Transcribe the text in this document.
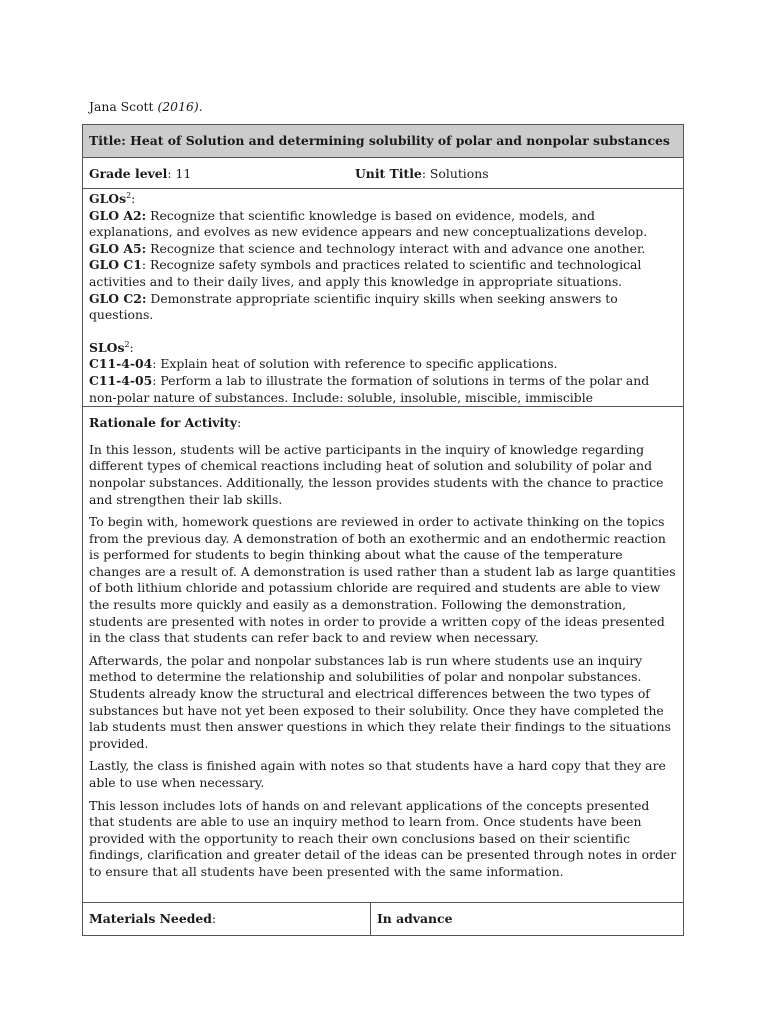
Jana Scott (2016).
Title: Heat of Solution and determining solubility of polar and nonpolar substances
Grade level: 11	Unit Title: Solutions

GLOs$^2$:

GLO A2: Recognize that scientific knowledge is based on evidence, models, and explanations, and evolves as new evidence appears and new conceptualizations develop.

GLO A5: Recognize that science and technology interact with and advance one another.

GLO C1: Recognize safety symbols and practices related to scientific and technological activities and to their daily lives, and apply this knowledge in appropriate situations.

GLO C2: Demonstrate appropriate scientific inquiry skills when seeking answers to questions.

SLOs$^2$:

C11-4-04: Explain heat of solution with reference to specific applications.

C11-4-05: Perform a lab to illustrate the formation of solutions in terms of the polar and non-polar nature of substances. Include: soluble, insoluble, miscible, immiscible

Rationale for Activity:

In this lesson, students will be active participants in the inquiry of knowledge regarding different types of chemical reactions including heat of solution and solubility of polar and nonpolar substances. Additionally, the lesson provides students with the chance to practice and strengthen their lab skills.

To begin with, homework questions are reviewed in order to activate thinking on the topics from the previous day. A demonstration of both an exothermic and an endothermic reaction is performed for students to begin thinking about what the cause of the temperature changes are a result of. A demonstration is used rather than a student lab as large quantities of both lithium chloride and potassium chloride are required and students are able to view the results more quickly and easily as a demonstration. Following the demonstration, students are presented with notes in order to provide a written copy of the ideas presented in the class that students can refer back to and review when necessary.

Afterwards, the polar and nonpolar substances lab is run where students use an inquiry method to determine the relationship and solubilities of polar and nonpolar substances. Students already know the structural and electrical differences between the two types of substances but have not yet been exposed to their solubility. Once they have completed the lab students must then answer questions in which they relate their findings to the situations provided.

Lastly, the class is finished again with notes so that students have a hard copy that they are able to use when necessary.

This lesson includes lots of hands on and relevant applications of the concepts presented that students are able to use an inquiry method to learn from. Once students have been provided with the opportunity to reach their own conclusions based on their scientific findings, clarification and greater detail of the ideas can be presented through notes in order to ensure that all students have been presented with the same information.

Materials Needed:	In advance
